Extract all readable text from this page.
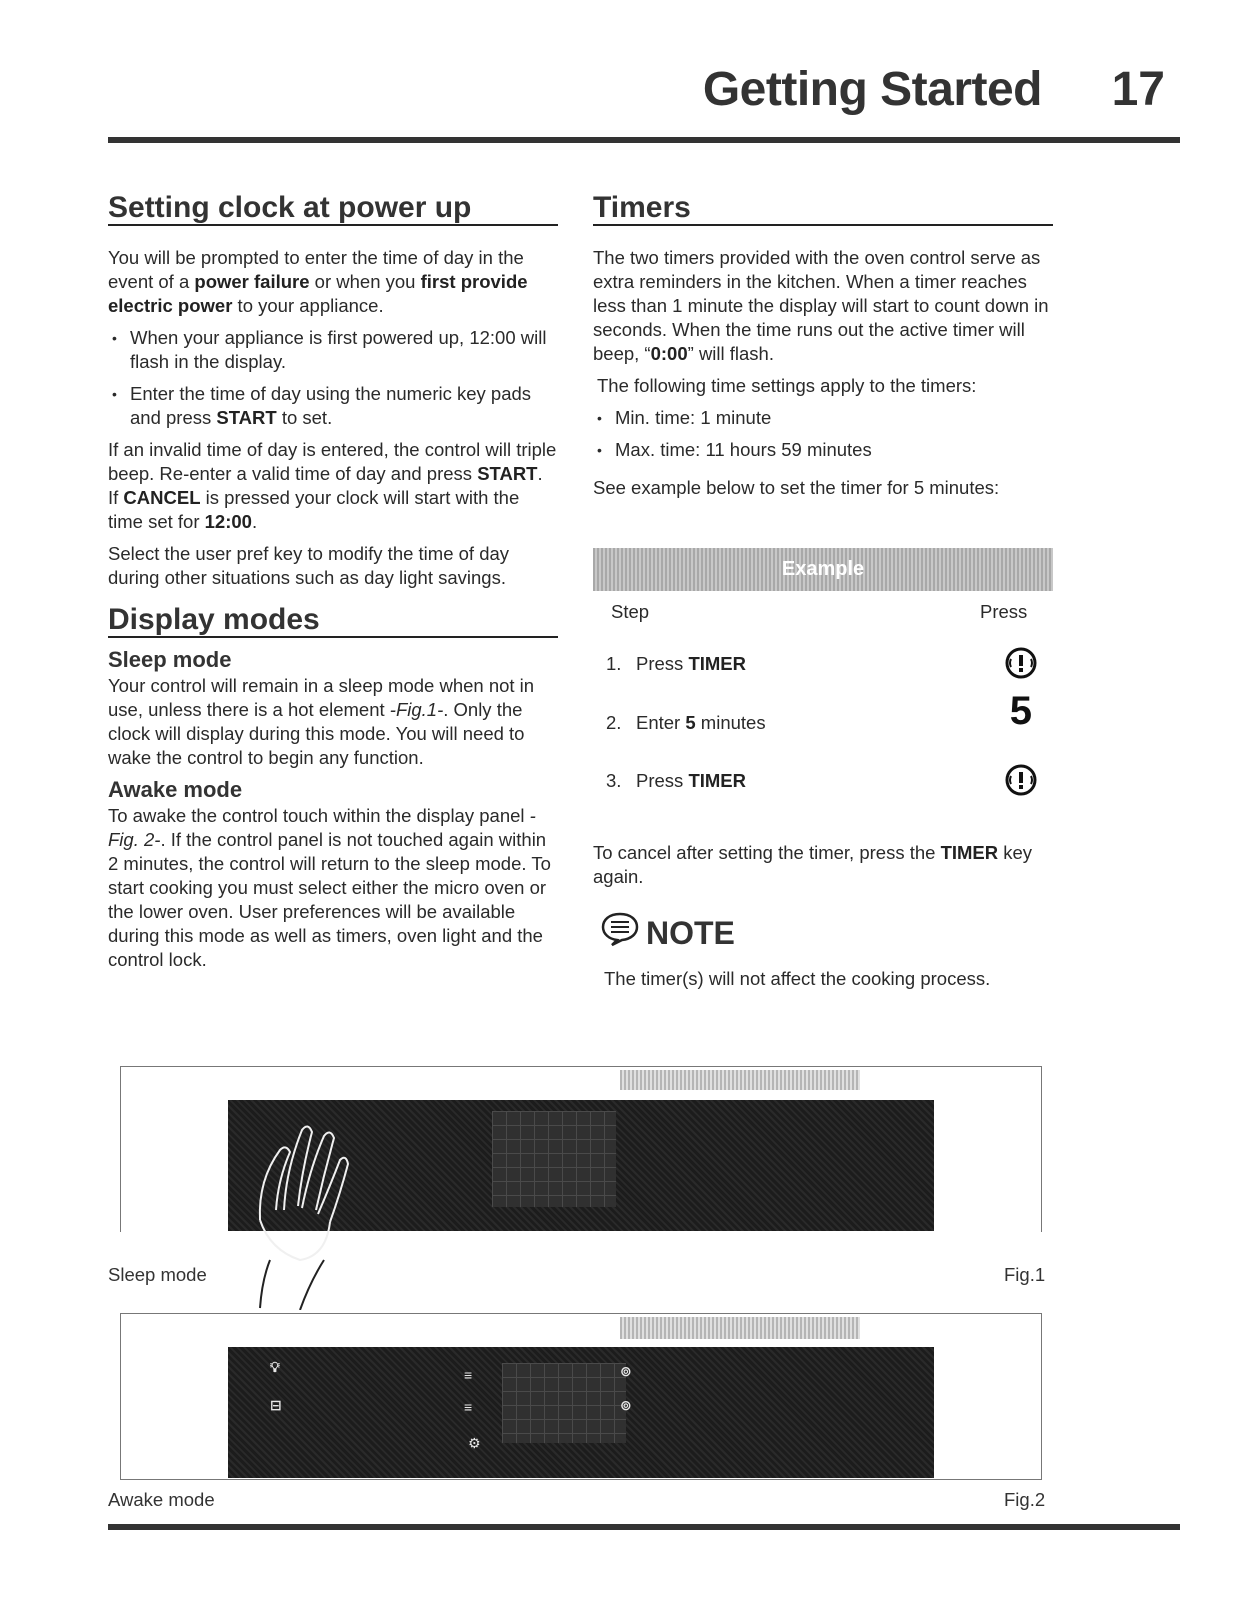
Getting Started 17
Setting clock at power up

You will be prompted to enter the time of day in the event of a power failure or when you first provide electric power to your appliance.

• When your appliance is first powered up, 12:00 will flash in the display.
• Enter the time of day using the numeric key pads and press START to set.

If an invalid time of day is entered, the control will triple beep. Re-enter a valid time of day and press START. If CANCEL is pressed your clock will start with the time set for 12:00.

Select the user pref key to modify the time of day during other situations such as day light savings.

Display modes
Sleep mode

Your control will remain in a sleep mode when not in use, unless there is a hot element -Fig.1-. Only the clock will display during this mode. You will need to wake the control to begin any function.

Awake mode

To awake the control touch within the display panel -Fig. 2-. If the control panel is not touched again within 2 minutes, the control will return to the sleep mode. To start cooking you must select either the micro oven or the lower oven. User preferences will be available during this mode as well as timers, oven light and the control lock.

Timers

The two timers provided with the oven control serve as extra reminders in the kitchen. When a timer reaches less than 1 minute the display will start to count down in seconds. When the time runs out the active timer will beep, “0:00” will flash.

The following time settings apply to the timers:

• Min. time: 1 minute
• Max. time: 11 hours 59 minutes

See example below to set the timer for 5 minutes:

Example
Step	Press
1. Press TIMER
2. Enter 5 minutes	5
3. Press TIMER
To cancel after setting the timer, press the TIMER key again.
NOTE
The timer(s) will not affect the cooking process.
Sleep mode	Fig.1
💡︎
⊟
≡
≡
⚙
⊚
⊚
Awake mode	Fig.2
